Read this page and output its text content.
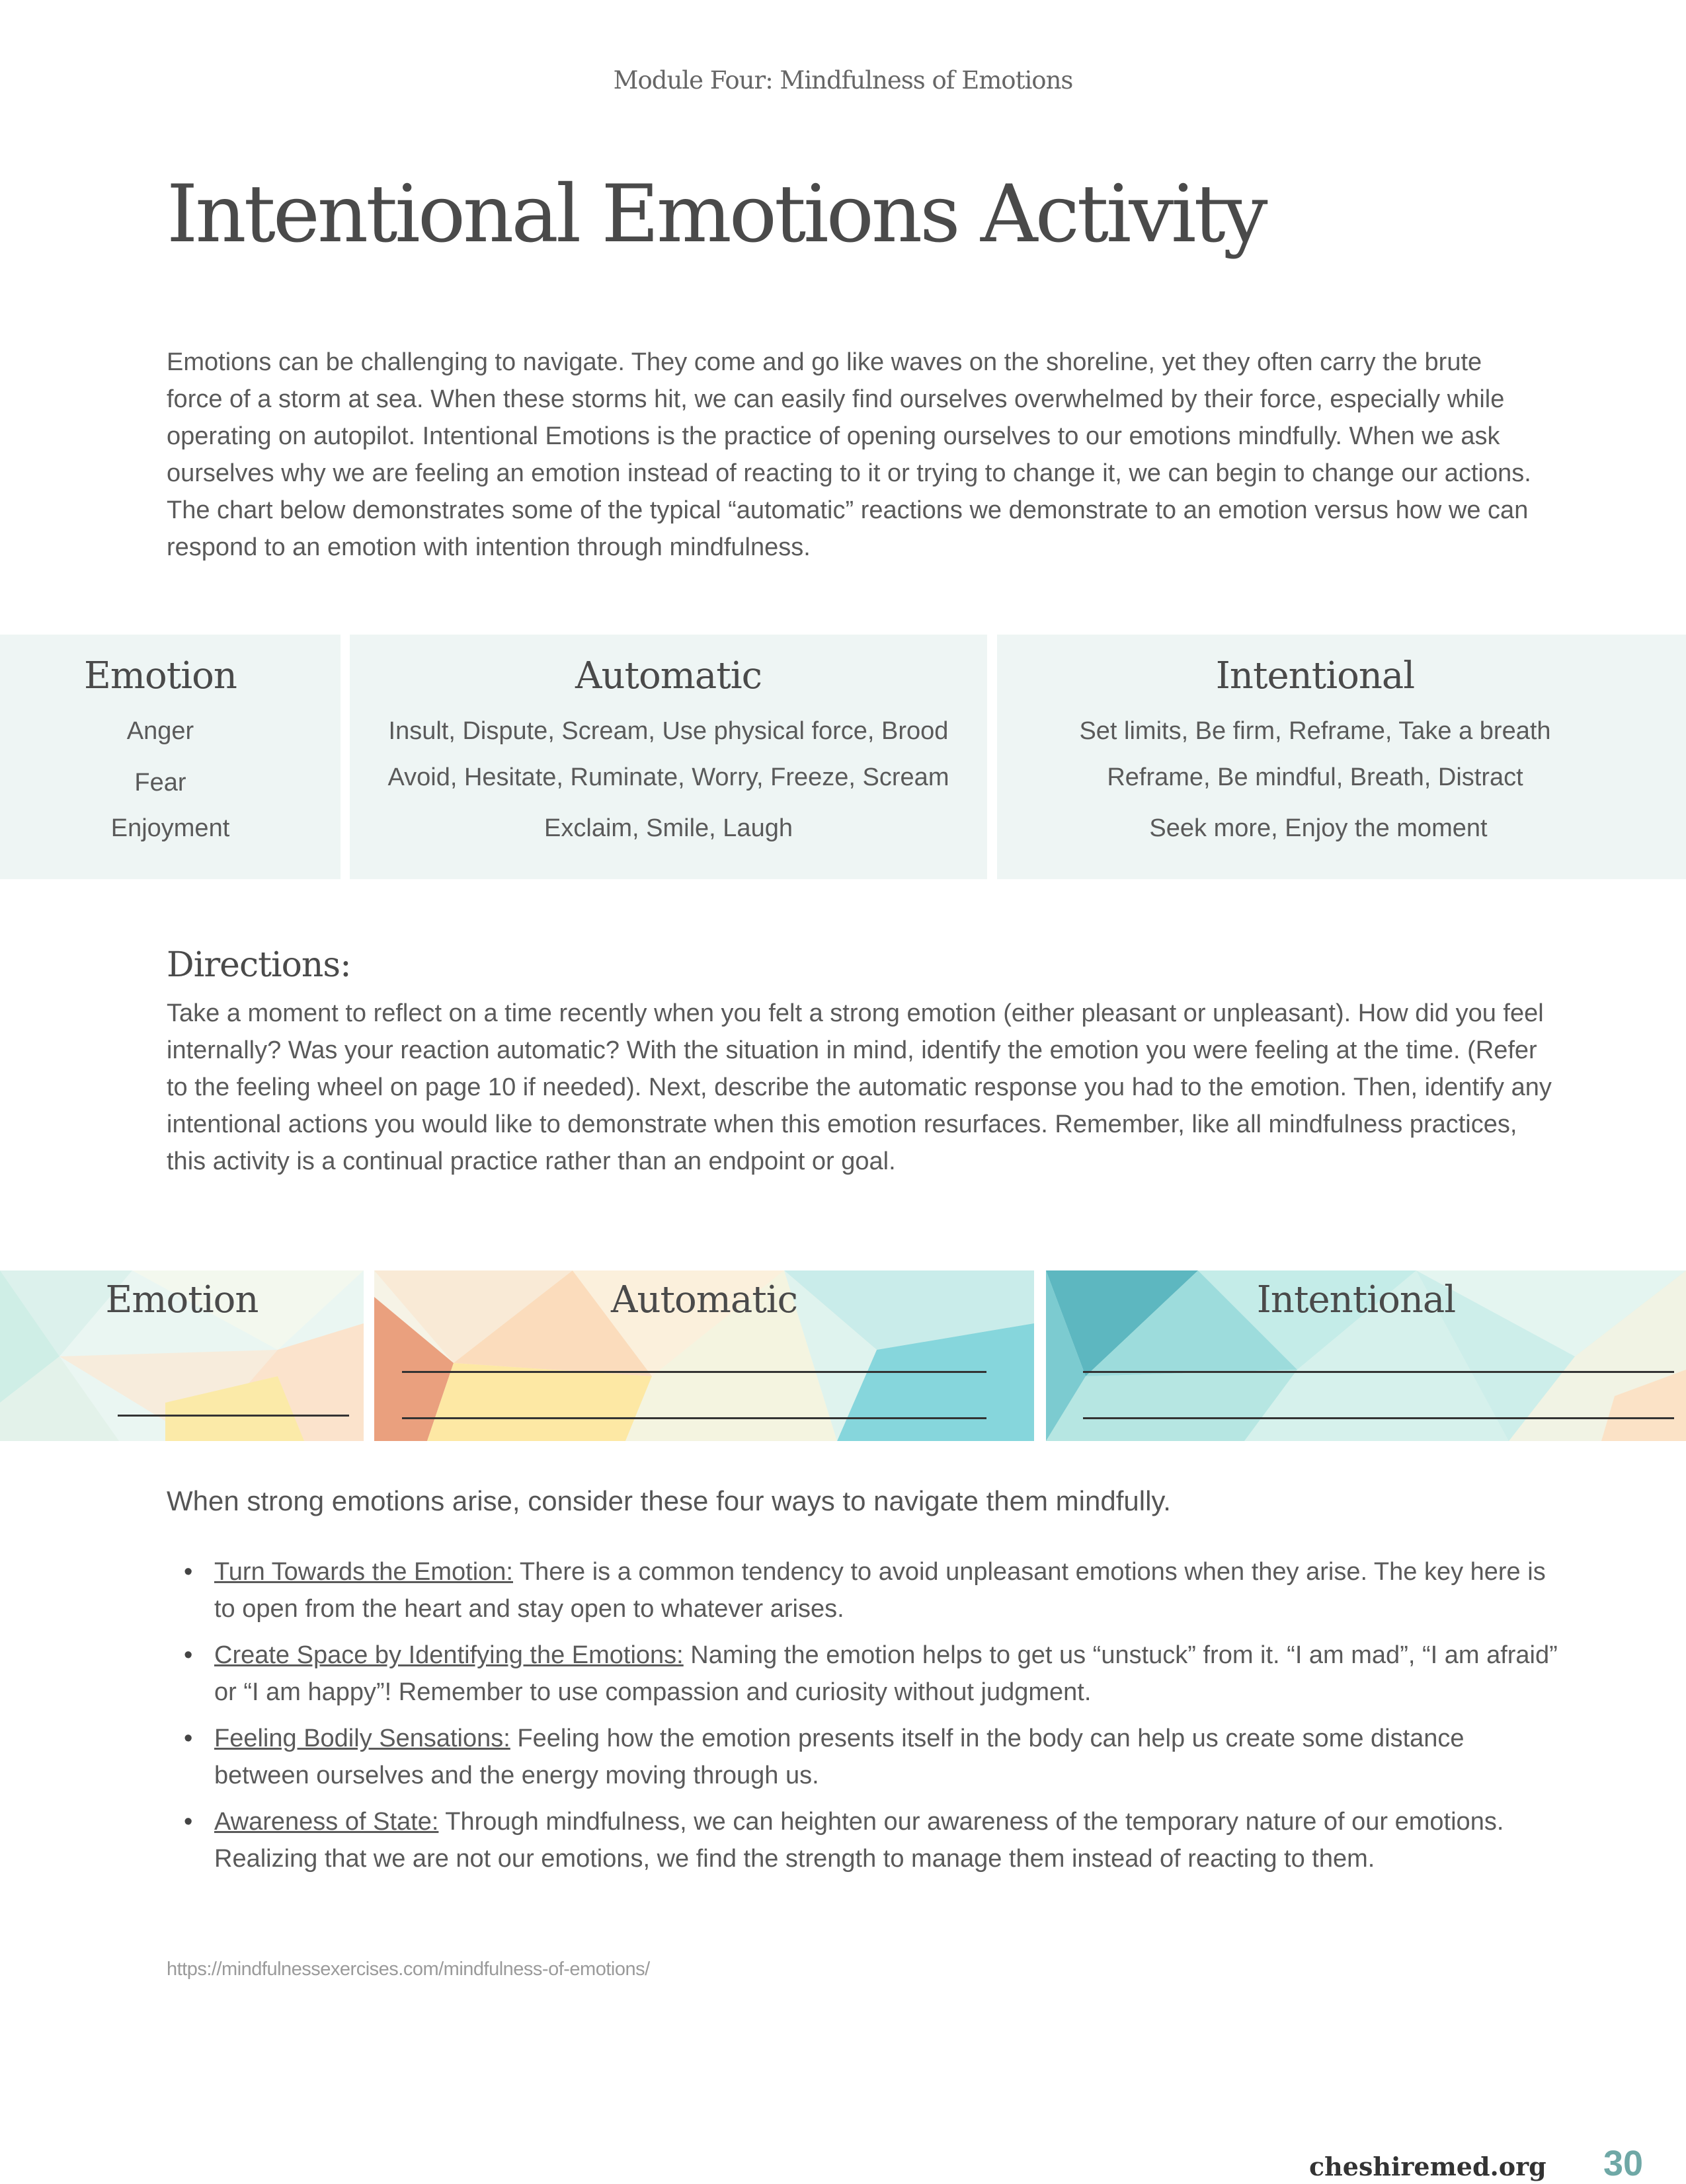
Module Four: Mindfulness of Emotions
Intentional Emotions Activity
Emotions can be challenging to navigate. They come and go like waves on the shoreline, yet they often carry the brute force of a storm at sea. When these storms hit, we can easily find ourselves overwhelmed by their force, especially while operating on autopilot. Intentional Emotions is the practice of opening ourselves to our emotions mindfully. When we ask ourselves why we are feeling an emotion instead of reacting to it or trying to change it, we can begin to change our actions. The chart below demonstrates some of the typical “automatic” reactions we demonstrate to an emotion versus how we can respond to an emotion with intention through mindfulness.
Emotion
Anger
Fear
Enjoyment
Automatic
Insult, Dispute, Scream, Use physical force, Brood
Avoid, Hesitate, Ruminate, Worry, Freeze, Scream
Exclaim, Smile, Laugh
Intentional
Set limits, Be firm, Reframe, Take a breath
Reframe, Be mindful, Breath, Distract
Seek more, Enjoy the moment
Directions:
Take a moment to reflect on a time recently when you felt a strong emotion (either pleasant or unpleasant). How did you feel internally? Was your reaction automatic? With the situation in mind, identify the emotion you were feeling at the time. (Refer to the feeling wheel on page 10 if needed). Next, describe the automatic response you had to the emotion. Then, identify any intentional actions you would like to demonstrate when this emotion resurfaces. Remember, like all mindfulness practices, this activity is a continual practice rather than an endpoint or goal.
Emotion	Automatic	Intentional
When strong emotions arise, consider these four ways to navigate them mindfully.
• Turn Towards the Emotion: There is a common tendency to avoid unpleasant emotions when they arise. The key here is to open from the heart and stay open to whatever arises.
• Create Space by Identifying the Emotions: Naming the emotion helps to get us “unstuck” from it. “I am mad”, “I am afraid” or “I am happy”! Remember to use compassion and curiosity without judgment.
• Feeling Bodily Sensations: Feeling how the emotion presents itself in the body can help us create some distance between ourselves and the energy moving through us.
• Awareness of State: Through mindfulness, we can heighten our awareness of the temporary nature of our emotions. Realizing that we are not our emotions, we find the strength to manage them instead of reacting to them.
https://mindfulnessexercises.com/mindfulness-of-emotions/
cheshiremed.org 30
